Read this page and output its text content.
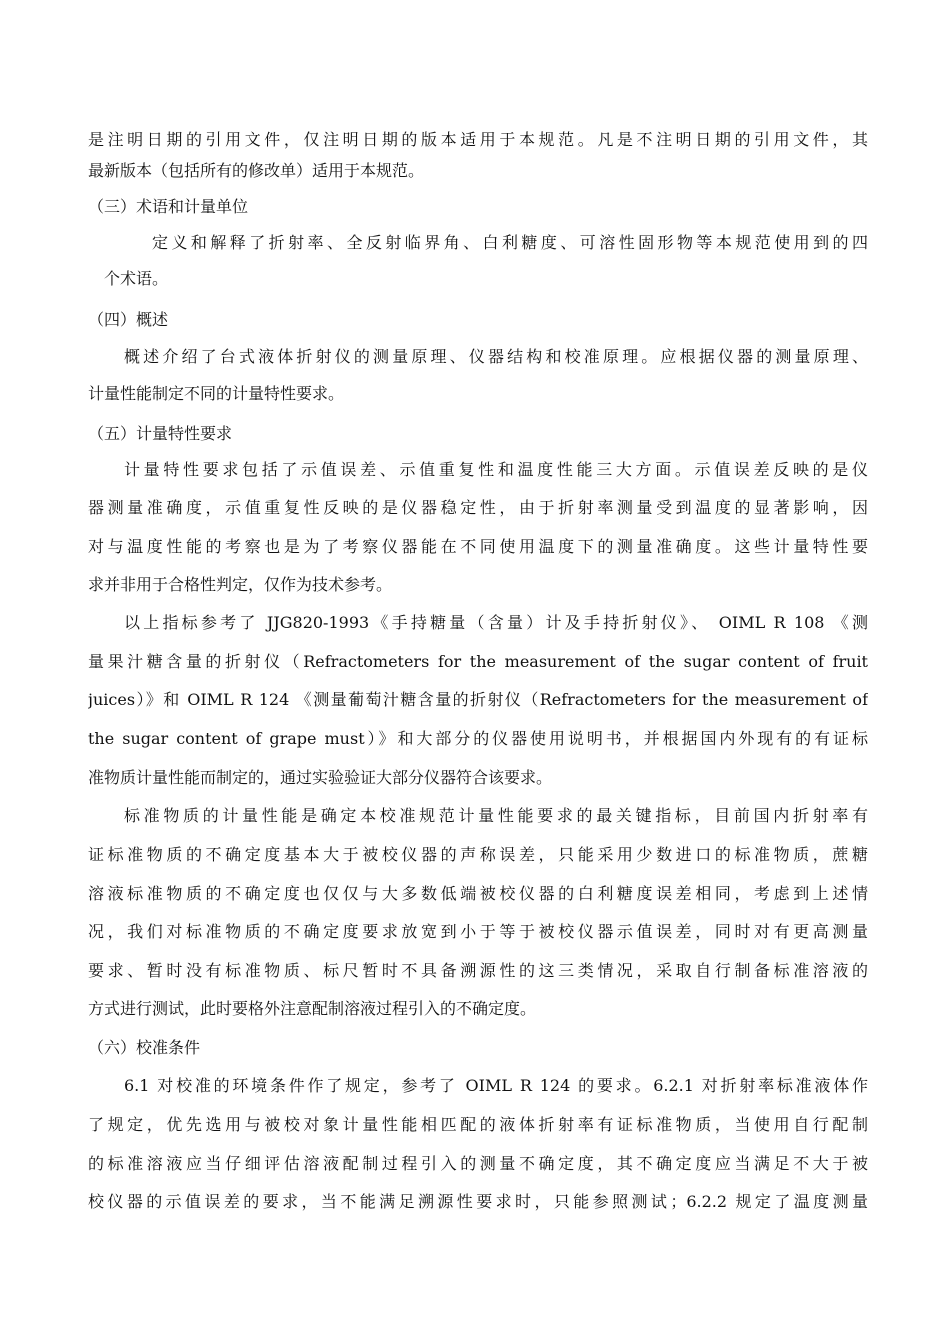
是注明日期的引用文件，仅注明日期的版本适用于本规范。凡是不注明日期的引用文件，其
最新版本（包括所有的修改单）适用于本规范。
（三）术语和计量单位
定义和解释了折射率、全反射临界角、白利糖度、可溶性固形物等本规范使用到的四
个术语。
（四）概述
概述介绍了台式液体折射仪的测量原理、仪器结构和校准原理。应根据仪器的测量原理、
计量性能制定不同的计量特性要求。
（五）计量特性要求
计量特性要求包括了示值误差、示值重复性和温度性能三大方面。示值误差反映的是仪
器测量准确度，示值重复性反映的是仪器稳定性，由于折射率测量受到温度的显著影响，因
对与温度性能的考察也是为了考察仪器能在不同使用温度下的测量准确度。这些计量特性要
求并非用于合格性判定，仅作为技术参考。
以上指标参考了 JJG820-1993《手持糖量（含量）计及手持折射仪》、 OIML R 108 《测
量果汁糖含量的折射仪（Refractometers for the measurement of the sugar content of fruit
juices）》和 OIML R 124 《测量葡萄汁糖含量的折射仪（Refractometers for the measurement of
the sugar content of grape must）》和大部分的仪器使用说明书，并根据国内外现有的有证标
准物质计量性能而制定的，通过实验验证大部分仪器符合该要求。
标准物质的计量性能是确定本校准规范计量性能要求的最关键指标，目前国内折射率有
证标准物质的不确定度基本大于被校仪器的声称误差，只能采用少数进口的标准物质，蔗糖
溶液标准物质的不确定度也仅仅与大多数低端被校仪器的白利糖度误差相同，考虑到上述情
况，我们对标准物质的不确定度要求放宽到小于等于被校仪器示值误差，同时对有更高测量
要求、暂时没有标准物质、标尺暂时不具备溯源性的这三类情况，采取自行制备标准溶液的
方式进行测试，此时要格外注意配制溶液过程引入的不确定度。
（六）校准条件
6.1 对校准的环境条件作了规定，参考了 OIML R 124 的要求。6.2.1 对折射率标准液体作
了规定，优先选用与被校对象计量性能相匹配的液体折射率有证标准物质，当使用自行配制
的标准溶液应当仔细评估溶液配制过程引入的测量不确定度，其不确定度应当满足不大于被
校仪器的示值误差的要求，当不能满足溯源性要求时，只能参照测试；6.2.2 规定了温度测量
